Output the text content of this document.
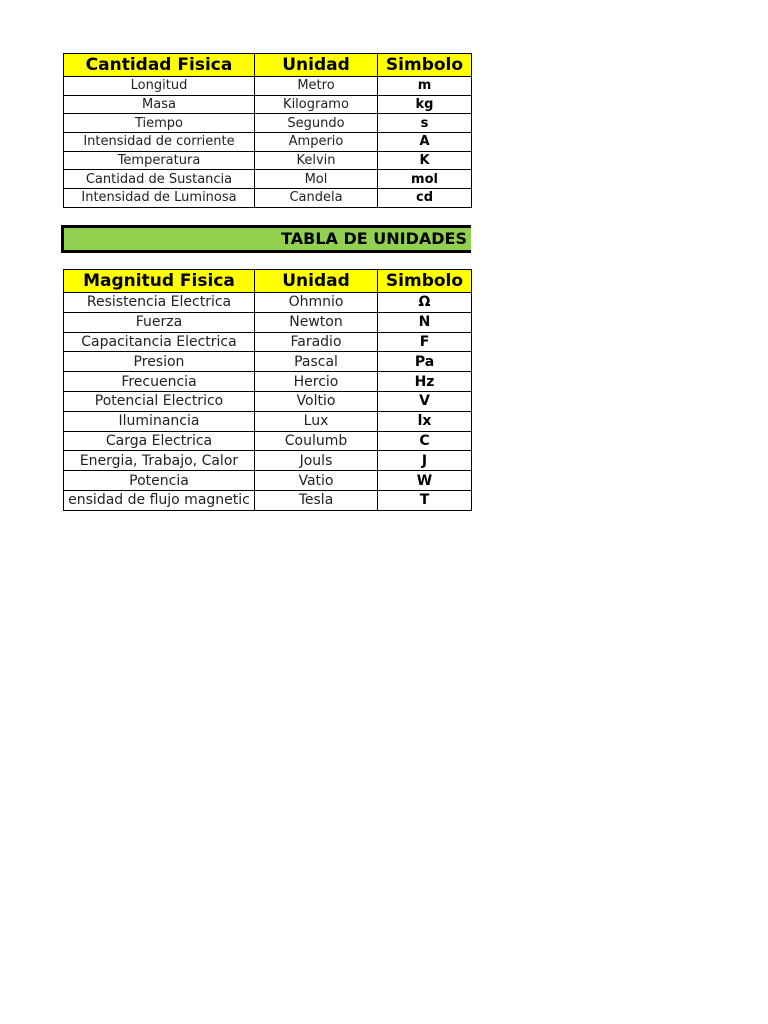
Cantidad Fisica	Unidad	Simbolo
Longitud	Metro	m
Masa	Kilogramo	kg
Tiempo	Segundo	s
Intensidad de corriente	Amperio	A
Temperatura	Kelvin	K
Cantidad de Sustancia	Mol	mol
Intensidad de Luminosa	Candela	cd
TABLA DE UNIDADES
Magnitud Fisica	Unidad	Simbolo
Resistencia Electrica	Ohmnio	Ω
Fuerza	Newton	N
Capacitancia Electrica	Faradio	F
Presion	Pascal	Pa
Frecuencia	Hercio	Hz
Potencial Electrico	Voltio	V
Iluminancia	Lux	lx
Carga Electrica	Coulumb	C
Energia, Trabajo, Calor	Jouls	J
Potencia	Vatio	W
ensidad de flujo magnetic	Tesla	T
